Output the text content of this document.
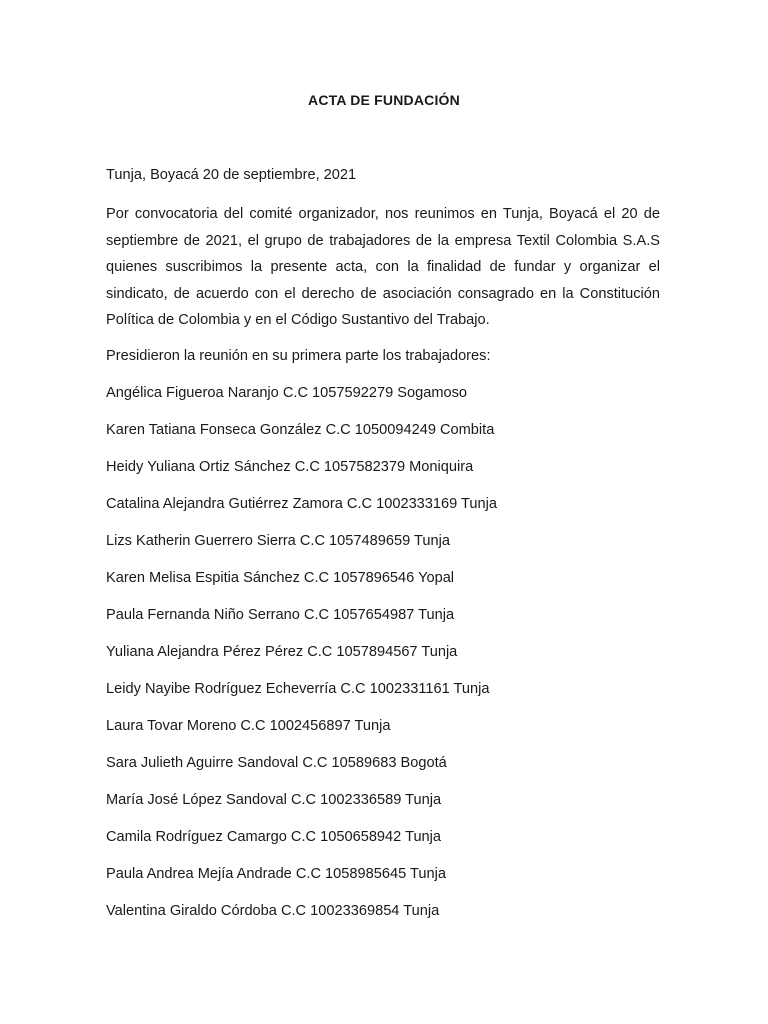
ACTA DE FUNDACIÓN

Tunja, Boyacá 20 de septiembre, 2021

Por convocatoria del comité organizador, nos reunimos en Tunja, Boyacá el 20 de septiembre de 2021, el grupo de trabajadores de la empresa Textil Colombia S.A.S quienes suscribimos la presente acta, con la finalidad de fundar y organizar el sindicato, de acuerdo con el derecho de asociación consagrado en la Constitución Política de Colombia y en el Código Sustantivo del Trabajo.

Presidieron la reunión en su primera parte los trabajadores:

Angélica Figueroa Naranjo C.C 1057592279 Sogamoso
Karen Tatiana Fonseca González C.C 1050094249 Combita
Heidy Yuliana Ortiz Sánchez C.C 1057582379 Moniquira
Catalina Alejandra Gutiérrez Zamora C.C 1002333169 Tunja
Lizs Katherin Guerrero Sierra C.C 1057489659 Tunja
Karen Melisa Espitia Sánchez C.C 1057896546 Yopal
Paula Fernanda Niño Serrano C.C 1057654987 Tunja
Yuliana Alejandra Pérez Pérez C.C 1057894567 Tunja
Leidy Nayibe Rodríguez Echeverría C.C 1002331161 Tunja
Laura Tovar Moreno C.C 1002456897 Tunja
Sara Julieth Aguirre Sandoval C.C 10589683 Bogotá
María José López Sandoval C.C 1002336589 Tunja
Camila Rodríguez Camargo C.C 1050658942 Tunja
Paula Andrea Mejía Andrade C.C 1058985645 Tunja
Valentina Giraldo Córdoba C.C 10023369854 Tunja
